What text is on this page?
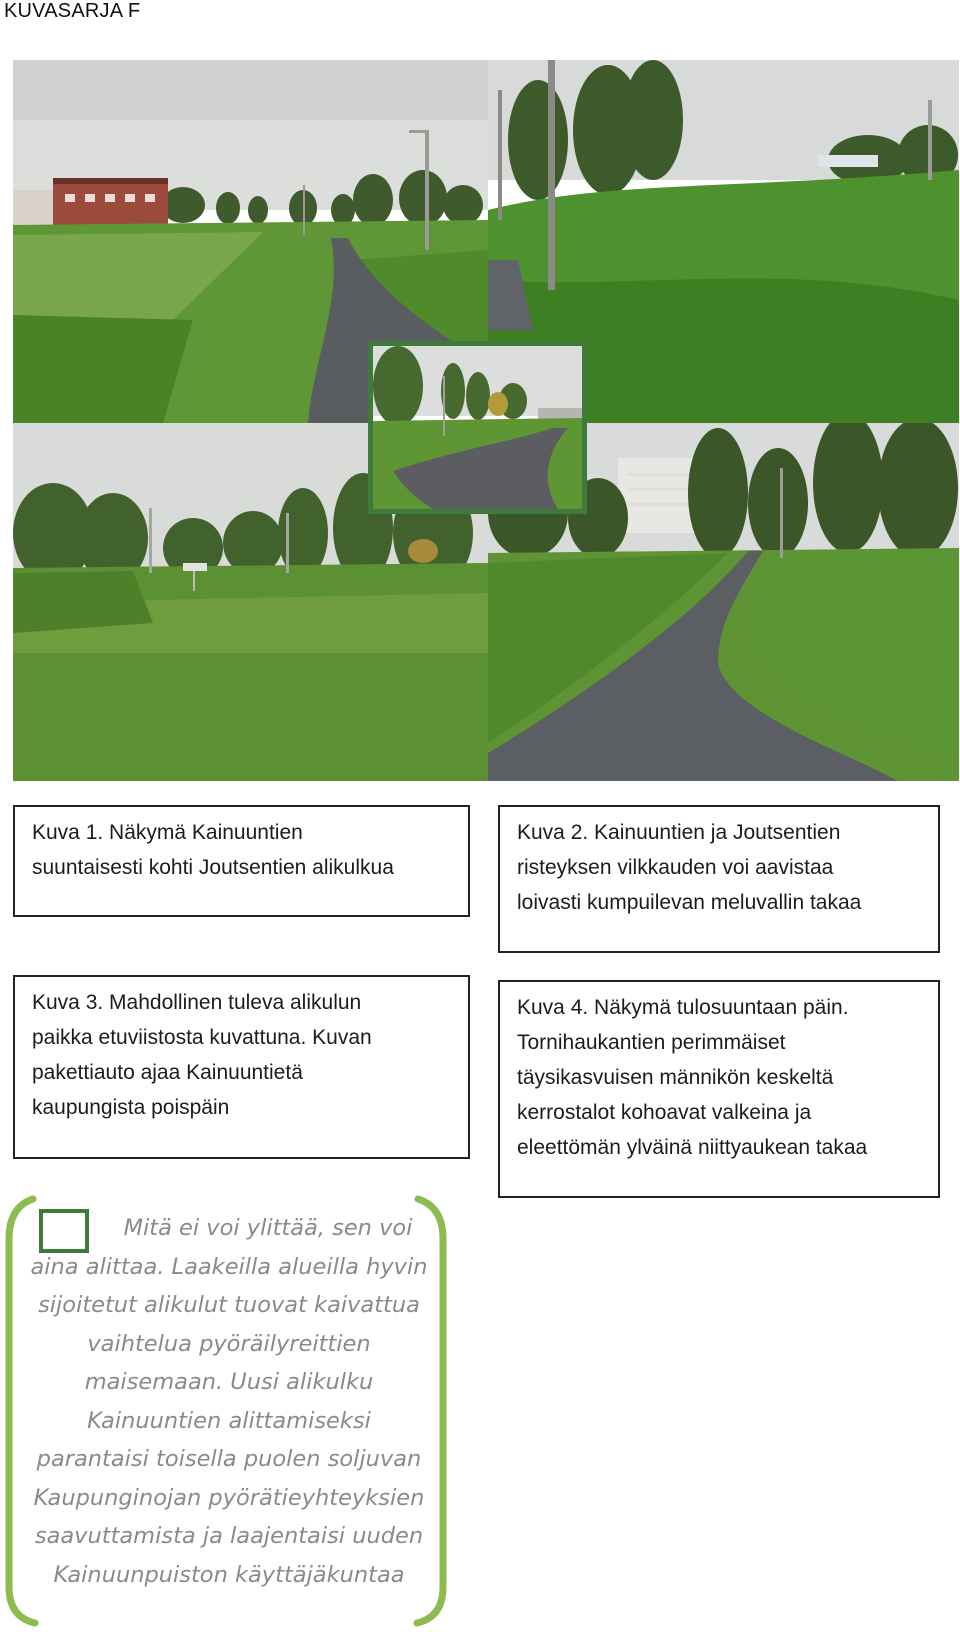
KUVASARJA F
Kuva 1. Näkymä Kainuuntien
suuntaisesti kohti Joutsentien alikulkua
Kuva 2. Kainuuntien ja Joutsentien
risteyksen vilkkauden voi aavistaa
loivasti kumpuilevan meluvallin takaa
Kuva 3. Mahdollinen tuleva alikulun
paikka etuviistosta kuvattuna. Kuvan
pakettiauto ajaa Kainuuntietä
kaupungista poispäin
Kuva 4. Näkymä tulosuuntaan päin.
Tornihaukantien perimmäiset
täysikasvuisen männikön keskeltä
kerrostalot kohoavat valkeina ja
eleettömän ylväinä niittyaukean takaa
Mitä ei voi ylittää, sen voi
aina alittaa. Laakeilla alueilla hyvin
sijoitetut alikulut tuovat kaivattua
vaihtelua pyöräilyreittien
maisemaan. Uusi alikulku
Kainuuntien alittamiseksi
parantaisi toisella puolen soljuvan
Kaupunginojan pyörätieyhteyksien
saavuttamista ja laajentaisi uuden
Kainuunpuiston käyttäjäkuntaa
